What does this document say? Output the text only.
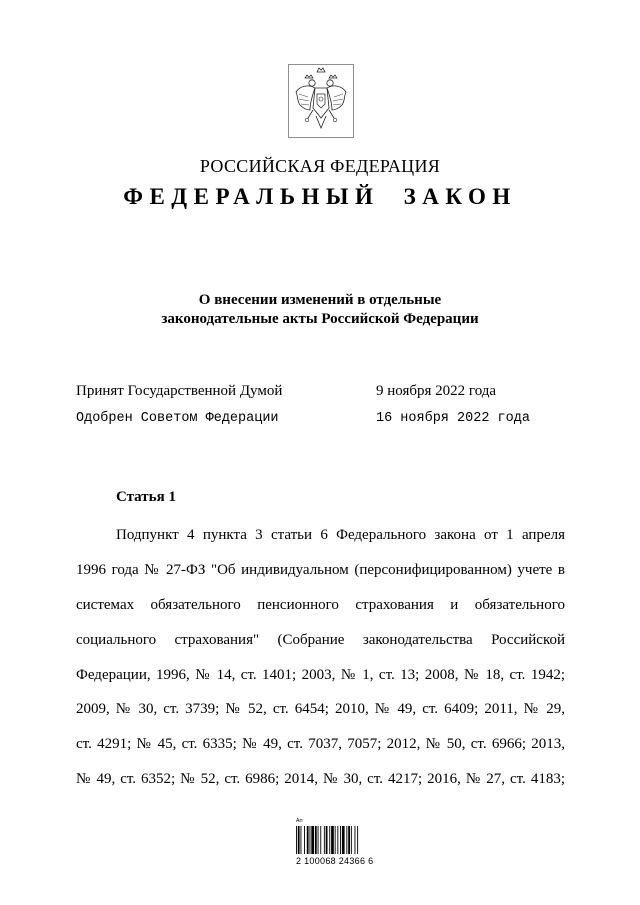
РОССИЙСКАЯ ФЕДЕРАЦИЯ
ФЕДЕРАЛЬНЫЙ ЗАКОН
О внесении изменений в отдельные
законодательные акты Российской Федерации
Принят Государственной Думой	9 ноября 2022 года
Одобрен Советом Федерации	16 ноября 2022 года
Статья 1
Подпункт 4 пункта 3 статьи 6 Федерального закона от 1 апреля
1996 года № 27-ФЗ "Об индивидуальном (персонифицированном) учете в
системах обязательного пенсионного страхования и обязательного
социального страхования" (Собрание законодательства Российской
Федерации, 1996, № 14, ст. 1401; 2003, № 1, ст. 13; 2008, № 18, ст. 1942;
2009, № 30, ст. 3739; № 52, ст. 6454; 2010, № 49, ст. 6409; 2011, № 29,
ст. 4291; № 45, ст. 6335; № 49, ст. 7037, 7057; 2012, № 50, ст. 6966; 2013,
№ 49, ст. 6352; № 52, ст. 6986; 2014, № 30, ст. 4217; 2016, № 27, ст. 4183;
Ап
2 100068 24366 6
